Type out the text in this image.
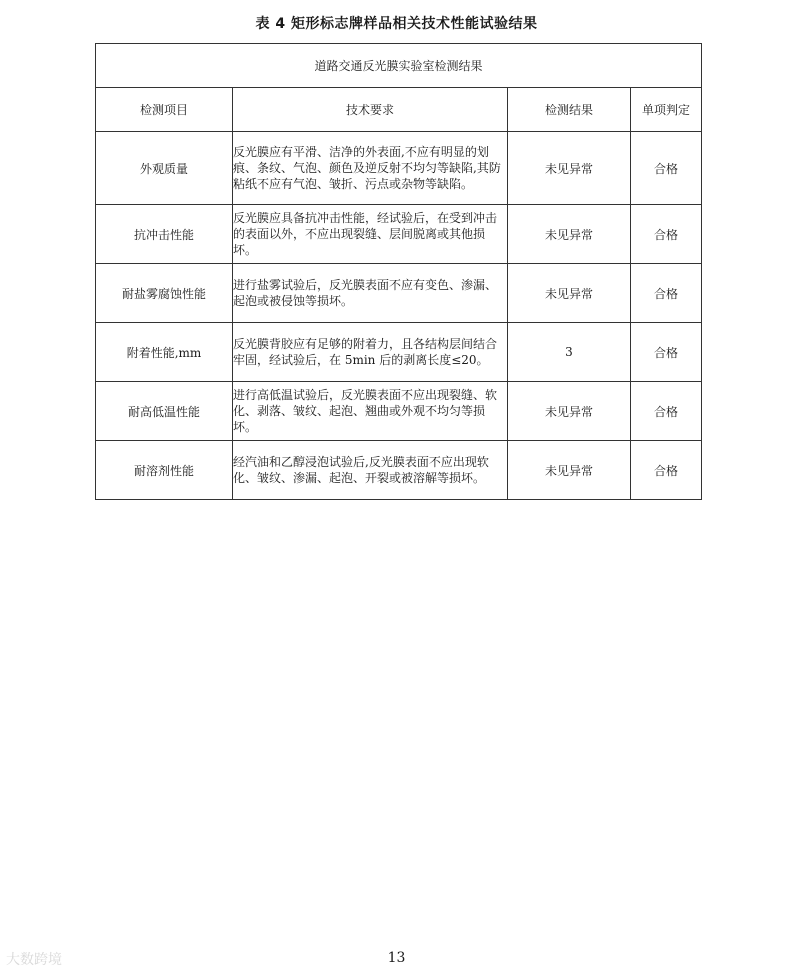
表 4 矩形标志牌样品相关技术性能试验结果
道路交通反光膜实验室检测结果			
检测项目	技术要求	检测结果	单项判定
外观质量	反光膜应有平滑、洁净的外表面,不应有明显的划痕、条纹、气泡、颜色及逆反射不均匀等缺陷,其防粘纸不应有气泡、皱折、污点或杂物等缺陷。	未见异常	合格
抗冲击性能	反光膜应具备抗冲击性能，经试验后，在受到冲击的表面以外，不应出现裂缝、层间脱离或其他损坏。	未见异常	合格
耐盐雾腐蚀性能	进行盐雾试验后，反光膜表面不应有变色、渗漏、起泡或被侵蚀等损坏。	未见异常	合格
附着性能,mm	反光膜背胶应有足够的附着力，且各结构层间结合牢固，经试验后，在 5min 后的剥离长度≤20。	3	合格
耐高低温性能	进行高低温试验后，反光膜表面不应出现裂缝、软化、剥落、皱纹、起泡、翘曲或外观不均匀等损坏。	未见异常	合格
耐溶剂性能	经汽油和乙醇浸泡试验后,反光膜表面不应出现软化、皱纹、渗漏、起泡、开裂或被溶解等损坏。	未见异常	合格
13
大数跨境
